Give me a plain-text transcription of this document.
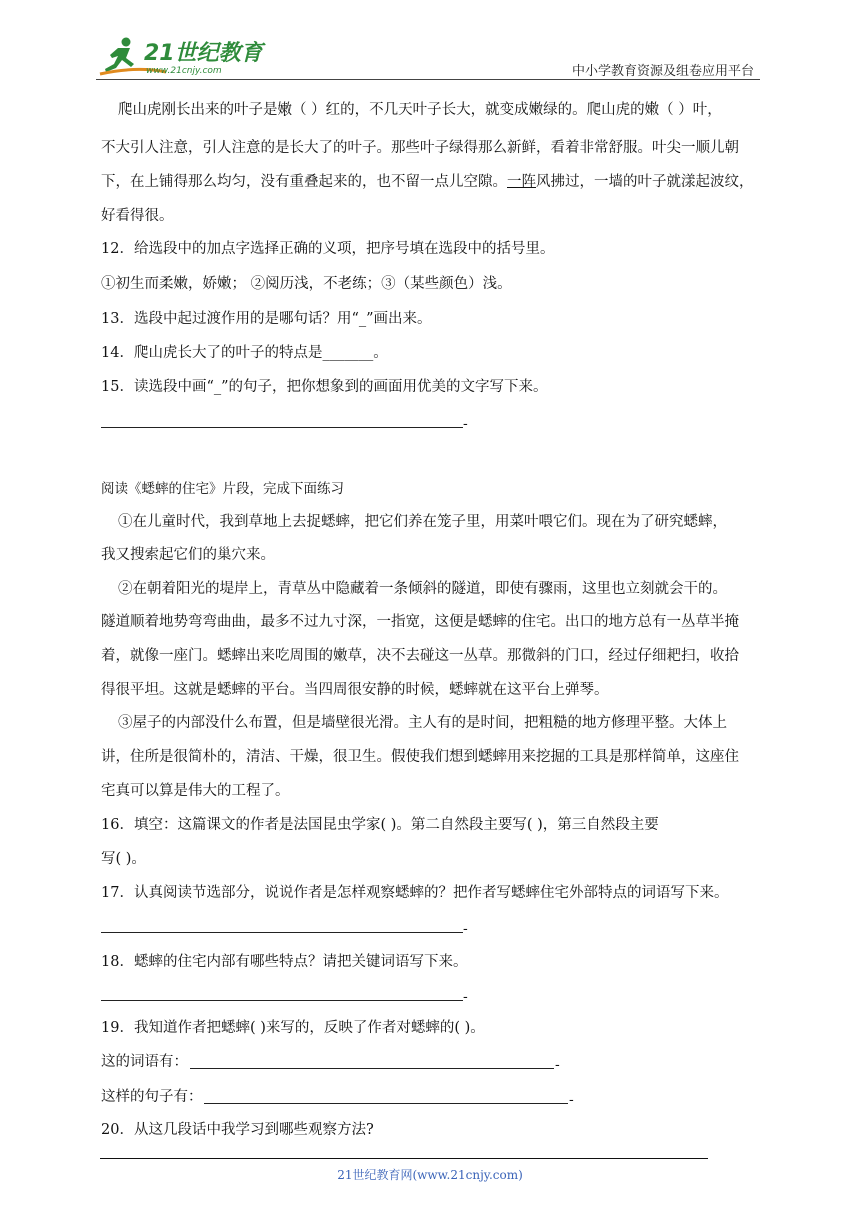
21世纪教育
www.21cnjy.com	中小学教育资源及组卷应用平台
爬山虎刚长出来的叶子是嫩（ ）红的，不几天叶子长大，就变成嫩绿的。爬山虎的嫩（ ）叶，
不大引人注意，引人注意的是长大了的叶子。那些叶子绿得那么新鲜，看着非常舒服。叶尖一顺儿朝
下，在上铺得那么均匀，没有重叠起来的，也不留一点儿空隙。一阵风拂过，一墙的叶子就漾起波纹，
好看得很。
12．给选段中的加点字选择正确的义项，把序号填在选段中的括号里。
①初生而柔嫩，娇嫩； ②阅历浅，不老练；③（某些颜色）浅。
13．选段中起过渡作用的是哪句话？用“_”画出来。
14．爬山虎长大了的叶子的特点是_______。
15．读选段中画“_”的句子，把你想象到的画面用优美的文字写下来。
-
阅读《蟋蟀的住宅》片段，完成下面练习
①在儿童时代，我到草地上去捉蟋蟀，把它们养在笼子里，用菜叶喂它们。现在为了研究蟋蟀，
我又搜索起它们的巢穴来。
②在朝着阳光的堤岸上，青草丛中隐藏着一条倾斜的隧道，即使有骤雨，这里也立刻就会干的。
隧道顺着地势弯弯曲曲，最多不过九寸深，一指宽，这便是蟋蟀的住宅。出口的地方总有一丛草半掩
着，就像一座门。蟋蟀出来吃周围的嫩草，决不去碰这一丛草。那微斜的门口，经过仔细耙扫，收拾
得很平坦。这就是蟋蟀的平台。当四周很安静的时候，蟋蟀就在这平台上弹琴。
③屋子的内部没什么布置，但是墙壁很光滑。主人有的是时间，把粗糙的地方修理平整。大体上
讲，住所是很简朴的，清洁、干燥，很卫生。假使我们想到蟋蟀用来挖掘的工具是那样简单，这座住
宅真可以算是伟大的工程了。
16．填空：这篇课文的作者是法国昆虫学家( )。第二自然段主要写( )，第三自然段主要
写( )。
17．认真阅读节选部分，说说作者是怎样观察蟋蟀的？把作者写蟋蟀住宅外部特点的词语写下来。
-
18．蟋蟀的住宅内部有哪些特点？请把关键词语写下来。
-
19．我知道作者把蟋蟀( )来写的，反映了作者对蟋蟀的( )。
这的词语有：	-
这样的句子有：	-
20．从这几段话中我学习到哪些观察方法?
21世纪教育网(www.21cnjy.com)
